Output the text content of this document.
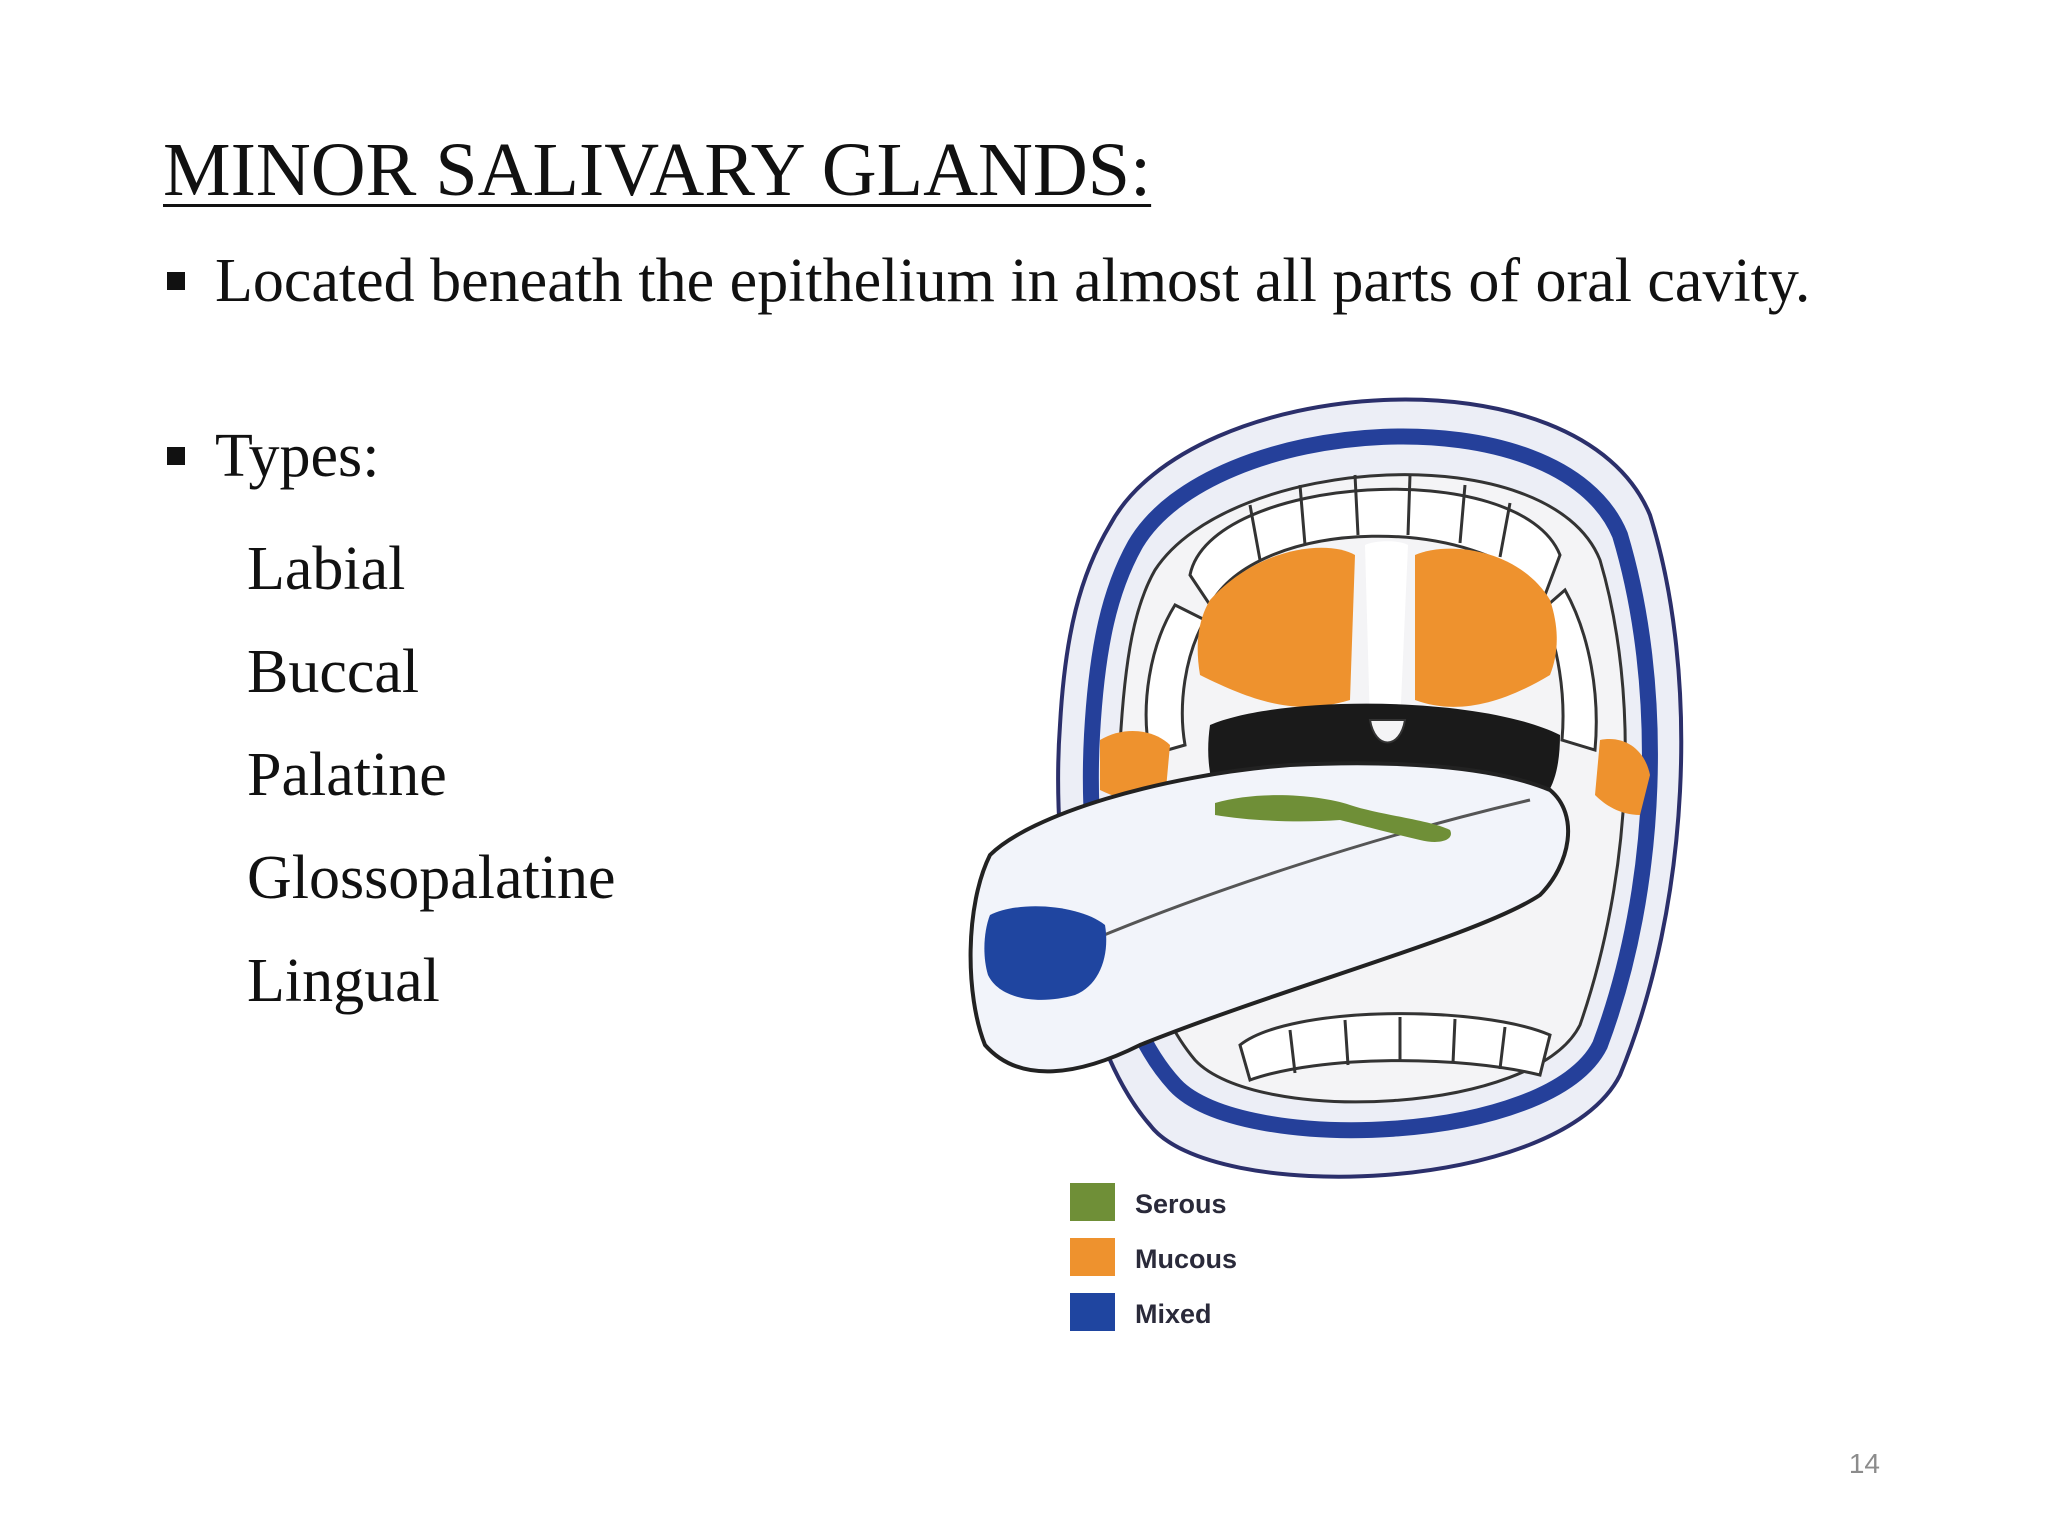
MINOR SALIVARY GLANDS:
Located beneath the epithelium in almost all parts of oral cavity.
Types:
Labial
Buccal
Palatine
Glossopalatine
Lingual
Serous
Mucous
Mixed
14
